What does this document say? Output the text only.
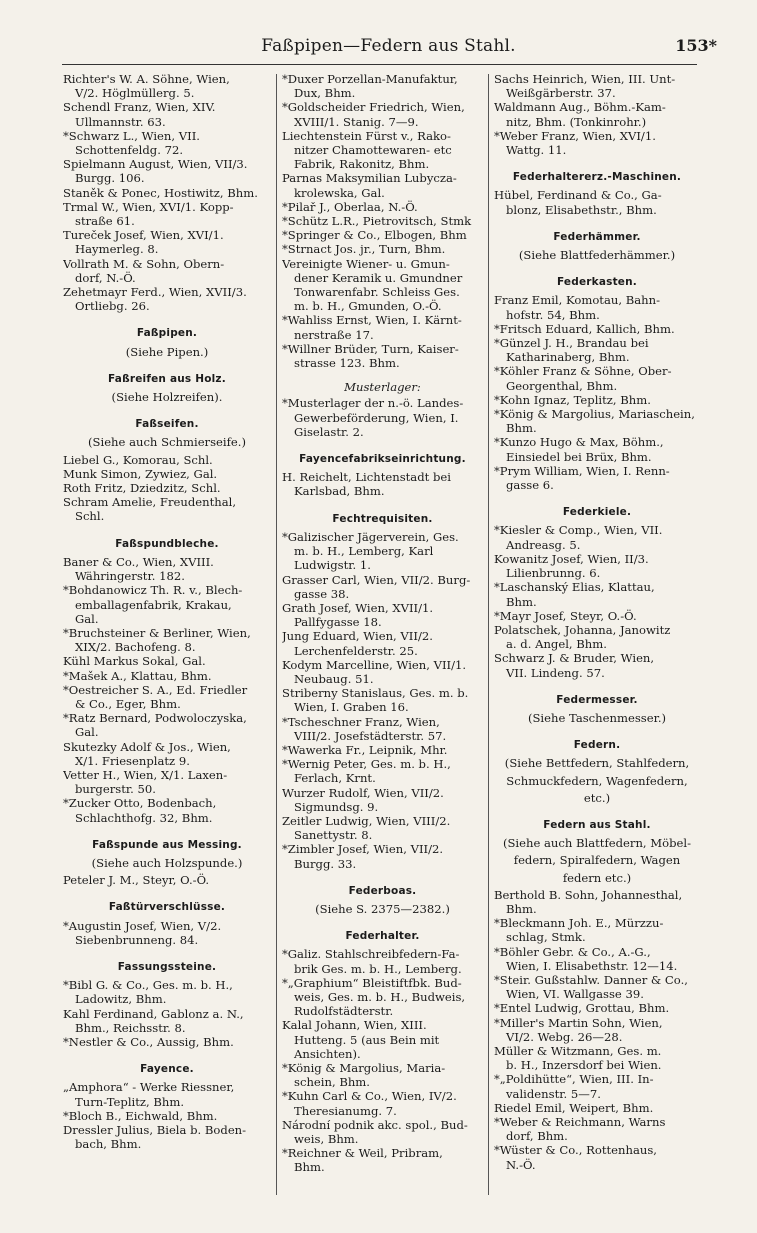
Faßpipen—Federn aus Stahl.	153*
Richter's W. A. Söhne, Wien,
V/2. Höglmüllerg. 5.
Schendl Franz, Wien, XIV.
Ullmannstr. 63.
*Schwarz L., Wien, VII.
Schottenfeldg. 72.
Spielmann August, Wien, VII/3.
Burgg. 106.
Staněk & Ponec, Hostiwitz, Bhm.
Trmal W., Wien, XVI/1. Kopp-
straße 61.
Tureček Josef, Wien, XVI/1.
Haymerleg. 8.
Vollrath M. & Sohn, Obern-
dorf, N.-Ö.
Zehetmayr Ferd., Wien, XVII/3.
Ortliebg. 26.
Faßpipen.
(Siehe Pipen.)
Faßreifen aus Holz.
(Siehe Holzreifen).
Faßseifen.
(Siehe auch Schmierseife.)
Liebel G., Komorau, Schl.
Munk Simon, Zywiez, Gal.
Roth Fritz, Dziedzitz, Schl.
Schram Amelie, Freudenthal,
Schl.
Faßspundbleche.
Baner & Co., Wien, XVIII.
Währingerstr. 182.
*Bohdanowicz Th. R. v., Blech-
emballagenfabrik, Krakau,
Gal.
*Bruchsteiner & Berliner, Wien,
XIX/2. Bachofeng. 8.
Kühl Markus Sokal, Gal.
*Mašek A., Klattau, Bhm.
*Oestreicher S. A., Ed. Friedler
& Co., Eger, Bhm.
*Ratz Bernard, Podwoloczyska,
Gal.
Skutezky Adolf & Jos., Wien,
X/1. Friesenplatz 9.
Vetter H., Wien, X/1. Laxen-
burgerstr. 50.
*Zucker Otto, Bodenbach,
Schlachthofg. 32, Bhm.
Faßspunde aus Messing.
(Siehe auch Holzspunde.)
Peteler J. M., Steyr, O.-Ö.
Faßtürverschlüsse.
*Augustin Josef, Wien, V/2.
Siebenbrunneng. 84.
Fassungssteine.
*Bibl G. & Co., Ges. m. b. H.,
Ladowitz, Bhm.
Kahl Ferdinand, Gablonz a. N.,
Bhm., Reichsstr. 8.
*Nestler & Co., Aussig, Bhm.
Fayence.
„Amphora“ - Werke Riessner,
Turn-Teplitz, Bhm.
*Bloch B., Eichwald, Bhm.
Dressler Julius, Biela b. Boden-
bach, Bhm.
*Duxer Porzellan-Manufaktur,
Dux, Bhm.
*Goldscheider Friedrich, Wien,
XVIII/1. Stanig. 7—9.
Liechtenstein Fürst v., Rako-
nitzer Chamottewaren- etc
Fabrik, Rakonitz, Bhm.
Parnas Maksymilian Lubycza-
krolewska, Gal.
*Pilař J., Oberlaa, N.-Ö.
*Schütz L.R., Pietrovitsch, Stmk
*Springer & Co., Elbogen, Bhm
*Strnact Jos. jr., Turn, Bhm.
Vereinigte Wiener- u. Gmun-
dener Keramik u. Gmundner
Tonwarenfabr. Schleiss Ges.
m. b. H., Gmunden, O.-Ö.
*Wahliss Ernst, Wien, I. Kärnt-
nerstraße 17.
*Willner Brüder, Turn, Kaiser-
strasse 123. Bhm.
Musterlager:
*Musterlager der n.-ö. Landes-
Gewerbeförderung, Wien, I.
Giselastr. 2.
Fayencefabrikseinrichtung.
H. Reichelt, Lichtenstadt bei
Karlsbad, Bhm.
Fechtrequisiten.
*Galizischer Jägerverein, Ges.
m. b. H., Lemberg, Karl
Ludwigstr. 1.
Grasser Carl, Wien, VII/2. Burg-
gasse 38.
Grath Josef, Wien, XVII/1.
Pallfygasse 18.
Jung Eduard, Wien, VII/2.
Lerchenfelderstr. 25.
Kodym Marcelline, Wien, VII/1.
Neubaug. 51.
Striberny Stanislaus, Ges. m. b.
Wien, I. Graben 16.
*Tscheschner Franz, Wien,
VIII/2. Josefstädterstr. 57.
*Wawerka Fr., Leipnik, Mhr.
*Wernig Peter, Ges. m. b. H.,
Ferlach, Krnt.
Wurzer Rudolf, Wien, VII/2.
Sigmundsg. 9.
Zeitler Ludwig, Wien, VIII/2.
Sanettystr. 8.
*Zimbler Josef, Wien, VII/2.
Burgg. 33.
Federboas.
(Siehe S. 2375—2382.)
Federhalter.
*Galiz. Stahlschreibfedern-Fa-
brik Ges. m. b. H., Lemberg.
*„Graphium“ Bleistiftfbk. Bud-
weis, Ges. m. b. H., Budweis,
Rudolfstädterstr.
Kalal Johann, Wien, XIII.
Hutteng. 5 (aus Bein mit
Ansichten).
*König & Margolius, Maria-
schein, Bhm.
*Kuhn Carl & Co., Wien, IV/2.
Theresianumg. 7.
Národní podnik akc. spol., Bud-
weis, Bhm.
*Reichner & Weil, Pribram,
Bhm.
Sachs Heinrich, Wien, III. Unt-
Weißgärberstr. 37.
Waldmann Aug., Böhm.-Kam-
nitz, Bhm. (Tonkinrohr.)
*Weber Franz, Wien, XVI/1.
Wattg. 11.
Federhaltererz.-Maschinen.
Hübel, Ferdinand & Co., Ga-
blonz, Elisabethstr., Bhm.
Federhämmer.
(Siehe Blattfederhämmer.)
Federkasten.
Franz Emil, Komotau, Bahn-
hofstr. 54, Bhm.
*Fritsch Eduard, Kallich, Bhm.
*Günzel J. H., Brandau bei
Katharinaberg, Bhm.
*Köhler Franz & Söhne, Ober-
Georgenthal, Bhm.
*Kohn Ignaz, Teplitz, Bhm.
*König & Margolius, Mariaschein,
Bhm.
*Kunzo Hugo & Max, Böhm.,
Einsiedel bei Brüx, Bhm.
*Prym William, Wien, I. Renn-
gasse 6.
Federkiele.
*Kiesler & Comp., Wien, VII.
Andreasg. 5.
Kowanitz Josef, Wien, II/3.
Lilienbrunng. 6.
*Laschanský Elias, Klattau,
Bhm.
*Mayr Josef, Steyr, O.-Ö.
Polatschek, Johanna, Janowitz
a. d. Angel, Bhm.
Schwarz J. & Bruder, Wien,
VII. Lindeng. 57.
Federmesser.
(Siehe Taschenmesser.)
Federn.
(Siehe Bettfedern, Stahlfedern,
Schmuckfedern, Wagenfedern,
etc.)
Federn aus Stahl.
(Siehe auch Blattfedern, Möbel-
federn, Spiralfedern, Wagen
federn etc.)
Berthold B. Sohn, Johannesthal,
Bhm.
*Bleckmann Joh. E., Mürzzu-
schlag, Stmk.
*Böhler Gebr. & Co., A.-G.,
Wien, I. Elisabethstr. 12—14.
*Steir. Gußstahlw. Danner & Co.,
Wien, VI. Wallgasse 39.
*Entel Ludwig, Grottau, Bhm.
*Miller's Martin Sohn, Wien,
VI/2. Webg. 26—28.
Müller & Witzmann, Ges. m.
b. H., Inzersdorf bei Wien.
*„Poldihütte“, Wien, III. In-
validenstr. 5—7.
Riedel Emil, Weipert, Bhm.
*Weber & Reichmann, Warns
dorf, Bhm.
*Wüster & Co., Rottenhaus,
N.-Ö.
